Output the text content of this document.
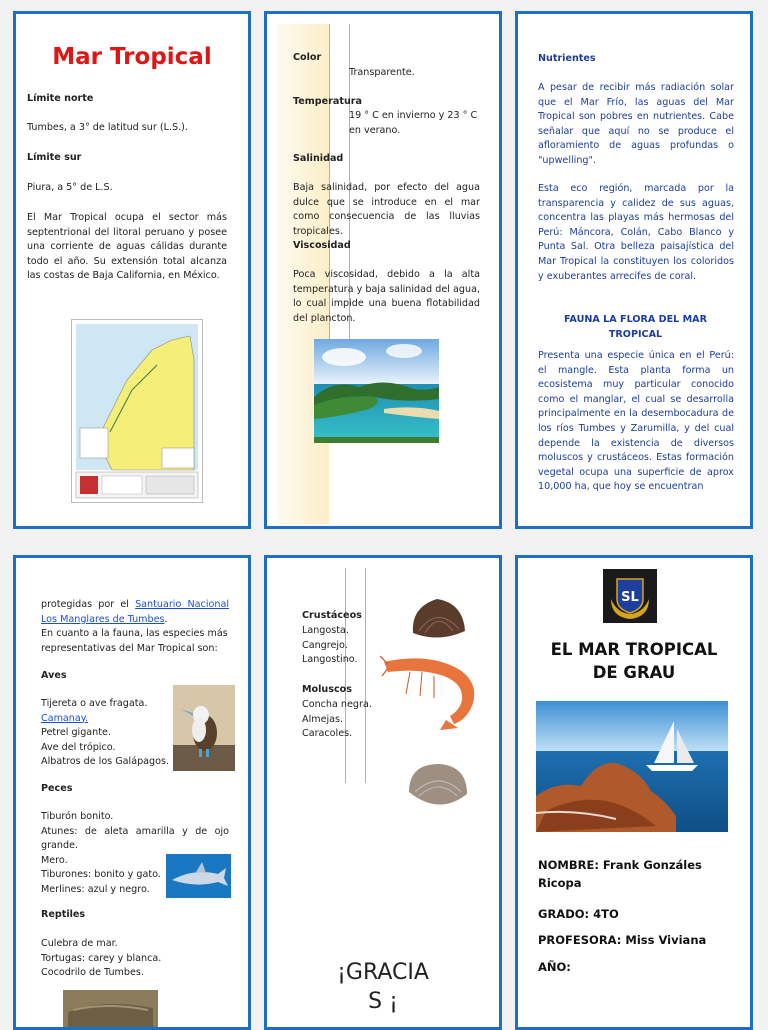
Mar Tropical
Límite norte
Tumbes, a 3° de latitud sur (L.S.).
Límite sur
Piura, a 5° de L.S.
El Mar Tropical ocupa el sector más septentrional del litoral peruano y posee una corriente de aguas cálidas durante todo el año. Su extensión total alcanza las costas de Baja California, en México.
Color
Transparente.
Temperatura
19 ° C en invierno y 23 ° C en verano.
Salinidad
Baja salinidad, por efecto del agua dulce que se introduce en el mar como consecuencia de las lluvias tropicales.
Viscosidad
Poca viscosidad, debido a la alta temperatura y baja salinidad del agua, lo cual impide una buena flotabilidad del plancton.
Nutrientes
A pesar de recibir más radiación solar que el Mar Frío, las aguas del Mar Tropical son pobres en nutrientes. Cabe señalar que aquí no se produce el afloramiento de aguas profundas o "upwelling".
Esta eco región, marcada por la transparencia y calidez de sus aguas, concentra las playas más hermosas del Perú: Máncora, Colán, Cabo Blanco y Punta Sal. Otra belleza paisajística del Mar Tropical la constituyen los coloridos y exuberantes arrecifes de coral.
FAUNA LA FLORA DEL MAR TROPICAL
Presenta una especie única en el Perú: el mangle. Esta planta forma un ecosistema muy particular conocido como el manglar, el cual se desarrolla principalmente en la desembocadura de los ríos Tumbes y Zarumilla, y del cual depende la existencia de diversos moluscos y crustáceos. Estas formación vegetal ocupa una superficie de aprox 10,000 ha, que hoy se encuentran
protegidas por el Santuario Nacional Los Manglares de Tumbes.
En cuanto a la fauna, las especies más representativas del Mar Tropical son:
Aves
Tijereta o ave fragata.
Camanay.
Petrel gigante.
Ave del trópico.
Albatros de los Galápagos.
Peces
Tiburón bonito.
Atunes: de aleta amarilla y de ojo grande.
Mero.
Tiburones: bonito y gato.
Merlines: azul y negro.
Reptiles
Culebra de mar.
Tortugas: carey y blanca.
Cocodrilo de Tumbes.
Crustáceos
Langosta.
Cangrejo.
Langostino.
Moluscos
Concha negra.
Almejas.
Caracoles.
¡GRACIA
S ¡
SL
EL MAR TROPICAL
DE GRAU
NOMBRE: Frank Gonzáles Ricopa
GRADO: 4TO
PROFESORA: Miss Viviana
AÑO:
